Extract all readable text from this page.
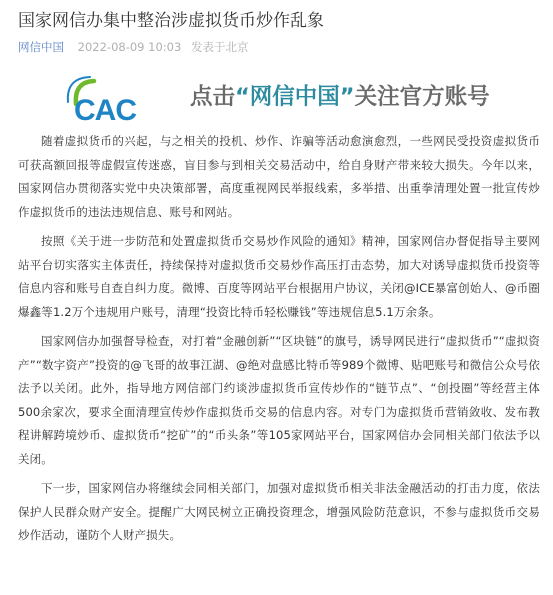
国家网信办集中整治涉虚拟货币炒作乱象
网信中国 2022-08-09 10:03 发表于北京
CAC 点击“网信中国”关注官方账号

随着虚拟货币的兴起，与之相关的投机、炒作、诈骗等活动愈演愈烈，一些网民受投资虚拟货币可获高额回报等虚假宣传迷惑，盲目参与到相关交易活动中，给自身财产带来较大损失。今年以来，国家网信办贯彻落实党中央决策部署，高度重视网民举报线索，多举措、出重拳清理处置一批宣传炒作虚拟货币的违法违规信息、账号和网站。

按照《关于进一步防范和处置虚拟货币交易炒作风险的通知》精神，国家网信办督促指导主要网站平台切实落实主体责任，持续保持对虚拟货币交易炒作高压打击态势，加大对诱导虚拟货币投资等信息内容和账号自查自纠力度。微博、百度等网站平台根据用户协议，关闭@ICE暴富创始人、@币圈爆鑫等1.2万个违规用户账号，清理“投资比特币轻松赚钱”等违规信息5.1万余条。

国家网信办加强督导检查，对打着“金融创新”“区块链”的旗号，诱导网民进行“虚拟货币”“虚拟资产”“数字资产”投资的@飞哥的故事江湖、@绝对盘感比特币等989个微博、贴吧账号和微信公众号依法予以关闭。此外，指导地方网信部门约谈涉虚拟货币宣传炒作的“链节点”、“创投圈”等经营主体500余家次，要求全面清理宣传炒作虚拟货币交易的信息内容。对专门为虚拟货币营销敛收、发布教程讲解跨境炒币、虚拟货币“挖矿”的“币头条”等105家网站平台，国家网信办会同相关部门依法予以关闭。

下一步，国家网信办将继续会同相关部门，加强对虚拟货币相关非法金融活动的打击力度，依法保护人民群众财产安全。提醒广大网民树立正确投资理念，增强风险防范意识，不参与虚拟货币交易炒作活动，谨防个人财产损失。
